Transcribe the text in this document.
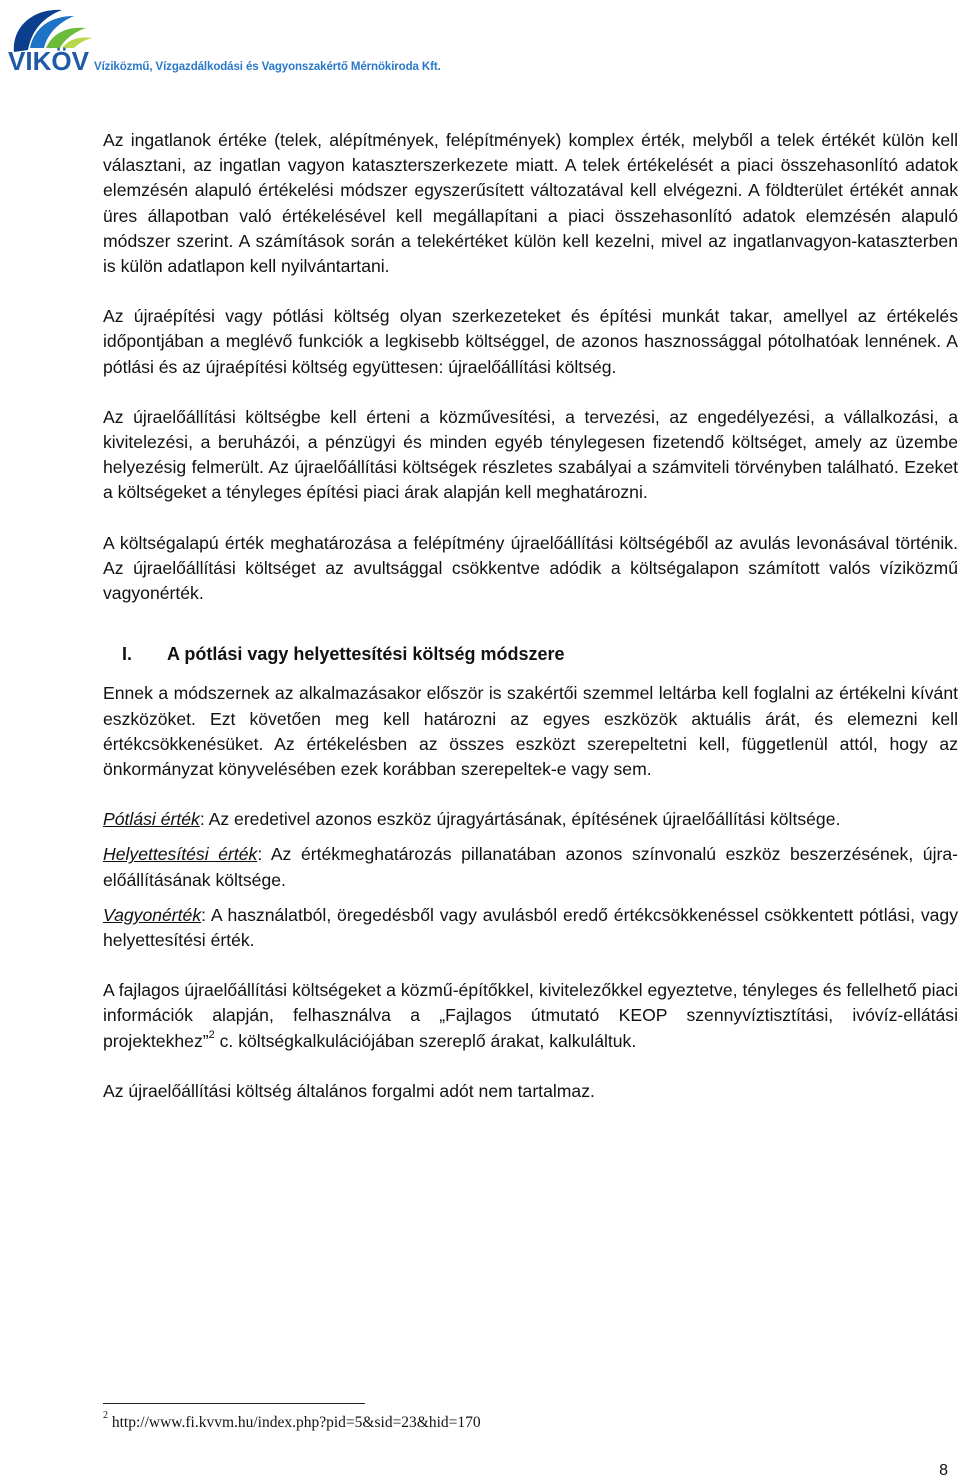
VIKÖV Víziközmű, Vízgazdálkodási és Vagyonszakértő Mérnökiroda Kft.

Az ingatlanok értéke (telek, alépítmények, felépítmények) komplex érték, melyből a telek értékét külön kell választani, az ingatlan vagyon kataszterszerkezete miatt. A telek értékelését a piaci összehasonlító adatok elemzésén alapuló értékelési módszer egyszerűsített változatával kell elvégezni. A földterület értékét annak üres állapotban való értékelésével kell megállapítani a piaci összehasonlító adatok elemzésén alapuló módszer szerint. A számítások során a telekértéket külön kell kezelni, mivel az ingatlanvagyon-kataszterben is külön adatlapon kell nyilvántartani.

Az újraépítési vagy pótlási költség olyan szerkezeteket és építési munkát takar, amellyel az értékelés időpontjában a meglévő funkciók a legkisebb költséggel, de azonos hasznossággal pótolhatóak lennének. A pótlási és az újraépítési költség együttesen: újraelőállítási költség.

Az újraelőállítási költségbe kell érteni a közművesítési, a tervezési, az engedélyezési, a vállalkozási, a kivitelezési, a beruházói, a pénzügyi és minden egyéb ténylegesen fizetendő költséget, amely az üzembe helyezésig felmerült. Az újraelőállítási költségek részletes szabályai a számviteli törvényben található. Ezeket a költségeket a tényleges építési piaci árak alapján kell meghatározni.

A költségalapú érték meghatározása a felépítmény újraelőállítási költségéből az avulás levonásával történik. Az újraelőállítási költséget az avultsággal csökkentve adódik a költségalapon számított valós víziközmű vagyonérték.

I. A pótlási vagy helyettesítési költség módszere

Ennek a módszernek az alkalmazásakor először is szakértői szemmel leltárba kell foglalni az értékelni kívánt eszközöket. Ezt követően meg kell határozni az egyes eszközök aktuális árát, és elemezni kell értékcsökkenésüket. Az értékelésben az összes eszközt szerepeltetni kell, függetlenül attól, hogy az önkormányzat könyvelésében ezek korábban szerepeltek-e vagy sem.

Pótlási érték: Az eredetivel azonos eszköz újragyártásának, építésének újraelőállítási költsége.

Helyettesítési érték: Az értékmeghatározás pillanatában azonos színvonalú eszköz beszerzésének, újra-előállításának költsége.

Vagyonérték: A használatból, öregedésből vagy avulásból eredő értékcsökkenéssel csökkentett pótlási, vagy helyettesítési érték.

A fajlagos újraelőállítási költségeket a közmű-építőkkel, kivitelezőkkel egyeztetve, tényleges és fellelhető piaci információk alapján, felhasználva a „Fajlagos útmutató KEOP szennyvíztisztítási, ivóvíz-ellátási projektekhez”$^2$ c. költségkalkulációjában szereplő árakat, kalkuláltuk.

Az újraelőállítási költség általános forgalmi adót nem tartalmaz.

$^2$ http://www.fi.kvvm.hu/index.php?pid=5&sid=23&hid=170
8
